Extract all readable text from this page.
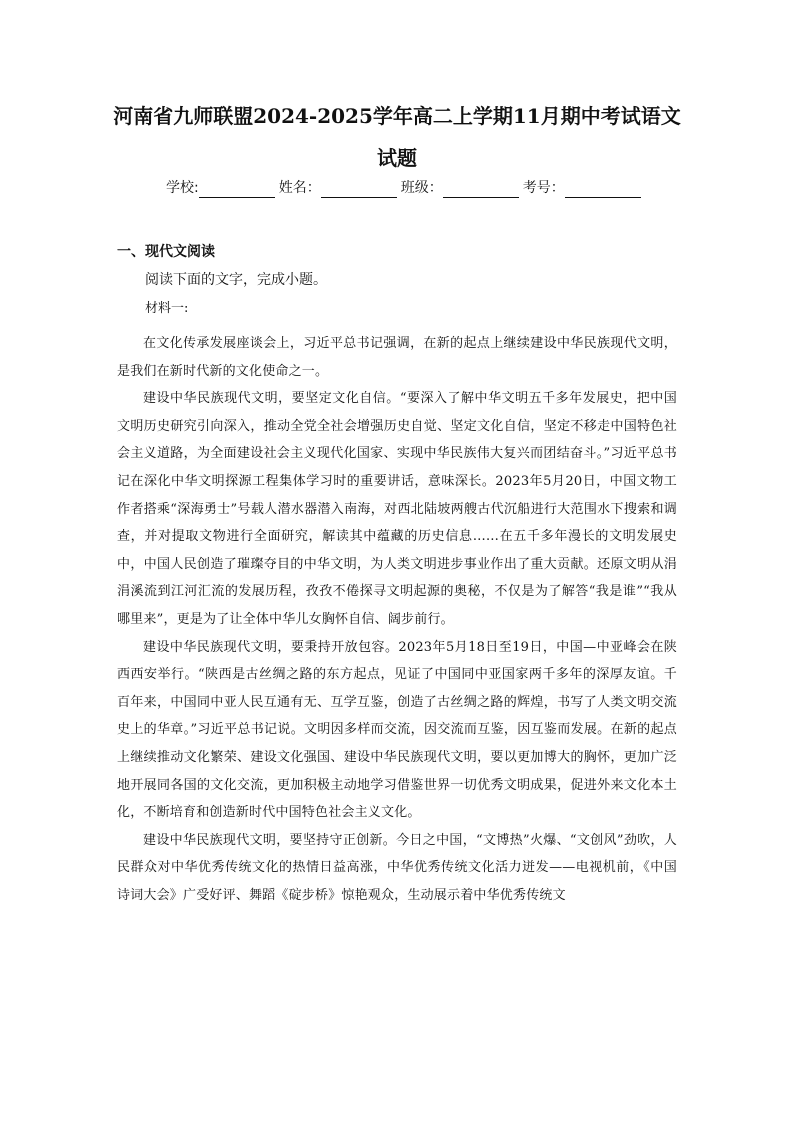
河南省九师联盟2024-2025学年高二上学期11月期中考试语文
试题
学校:	姓名：	班级：	考号：
一、现代文阅读
阅读下面的文字，完成小题。
材料一:

在文化传承发展座谈会上，习近平总书记强调，在新的起点上继续建设中华民族现代文明，是我们在新时代新的文化使命之一。

建设中华民族现代文明，要坚定文化自信。“要深入了解中华文明五千多年发展史，把中国文明历史研究引向深入，推动全党全社会增强历史自觉、坚定文化自信，坚定不移走中国特色社会主义道路，为全面建设社会主义现代化国家、实现中华民族伟大复兴而团结奋斗。”习近平总书记在深化中华文明探源工程集体学习时的重要讲话，意味深长。2023年5月20日，中国文物工作者搭乘“深海勇士”号载人潜水器潜入南海，对西北陆坡两艘古代沉船进行大范围水下搜索和调查，并对提取文物进行全面研究，解读其中蕴藏的历史信息……在五千多年漫长的文明发展史中，中国人民创造了璀璨夺目的中华文明，为人类文明进步事业作出了重大贡献。还原文明从涓涓溪流到江河汇流的发展历程，孜孜不倦探寻文明起源的奥秘，不仅是为了解答“我是谁”“我从哪里来”，更是为了让全体中华儿女胸怀自信、阔步前行。

建设中华民族现代文明，要秉持开放包容。2023年5月18日至19日，中国—中亚峰会在陕西西安举行。“陕西是古丝绸之路的东方起点，见证了中国同中亚国家两千多年的深厚友谊。千百年来，中国同中亚人民互通有无、互学互鉴，创造了古丝绸之路的辉煌，书写了人类文明交流史上的华章。”习近平总书记说。文明因多样而交流，因交流而互鉴，因互鉴而发展。在新的起点上继续推动文化繁荣、建设文化强国、建设中华民族现代文明，要以更加博大的胸怀，更加广泛地开展同各国的文化交流，更加积极主动地学习借鉴世界一切优秀文明成果，促进外来文化本土化，不断培育和创造新时代中国特色社会主义文化。

建设中华民族现代文明，要坚持守正创新。今日之中国，“文博热”火爆、“文创风”劲吹，人民群众对中华优秀传统文化的热情日益高涨，中华优秀传统文化活力迸发——电视机前，《中国诗词大会》广受好评、舞蹈《碇步桥》惊艳观众，生动展示着中华优秀传统文
